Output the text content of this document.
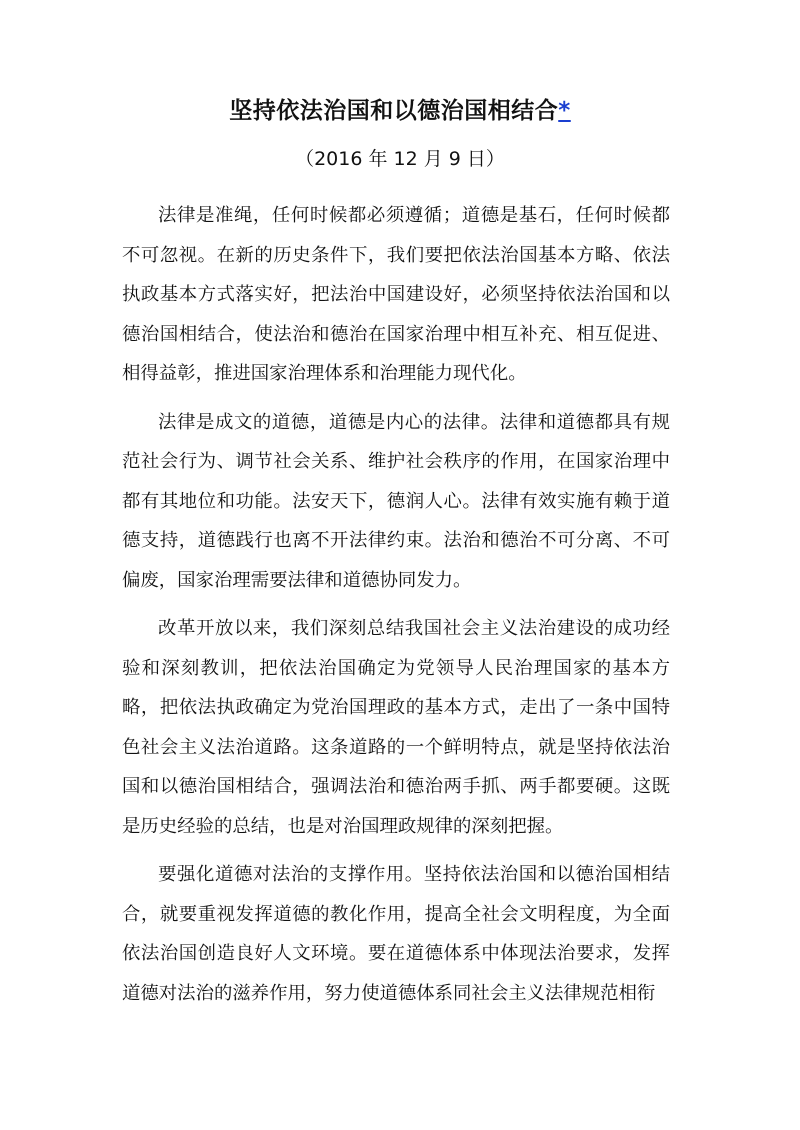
坚持依法治国和以德治国相结合*
（2016 年 12 月 9 日）

法律是准绳，任何时候都必须遵循；道德是基石，任何时候都不可忽视。在新的历史条件下，我们要把依法治国基本方略、依法执政基本方式落实好，把法治中国建设好，必须坚持依法治国和以德治国相结合，使法治和德治在国家治理中相互补充、相互促进、相得益彰，推进国家治理体系和治理能力现代化。

法律是成文的道德，道德是内心的法律。法律和道德都具有规范社会行为、调节社会关系、维护社会秩序的作用，在国家治理中都有其地位和功能。法安天下，德润人心。法律有效实施有赖于道德支持，道德践行也离不开法律约束。法治和德治不可分离、不可偏废，国家治理需要法律和道德协同发力。

改革开放以来，我们深刻总结我国社会主义法治建设的成功经验和深刻教训，把依法治国确定为党领导人民治理国家的基本方略，把依法执政确定为党治国理政的基本方式，走出了一条中国特色社会主义法治道路。这条道路的一个鲜明特点，就是坚持依法治国和以德治国相结合，强调法治和德治两手抓、两手都要硬。这既是历史经验的总结，也是对治国理政规律的深刻把握。

要强化道德对法治的支撑作用。坚持依法治国和以德治国相结合，就要重视发挥道德的教化作用，提高全社会文明程度，为全面依法治国创造良好人文环境。要在道德体系中体现法治要求，发挥道德对法治的滋养作用，努力使道德体系同社会主义法律规范相衔
